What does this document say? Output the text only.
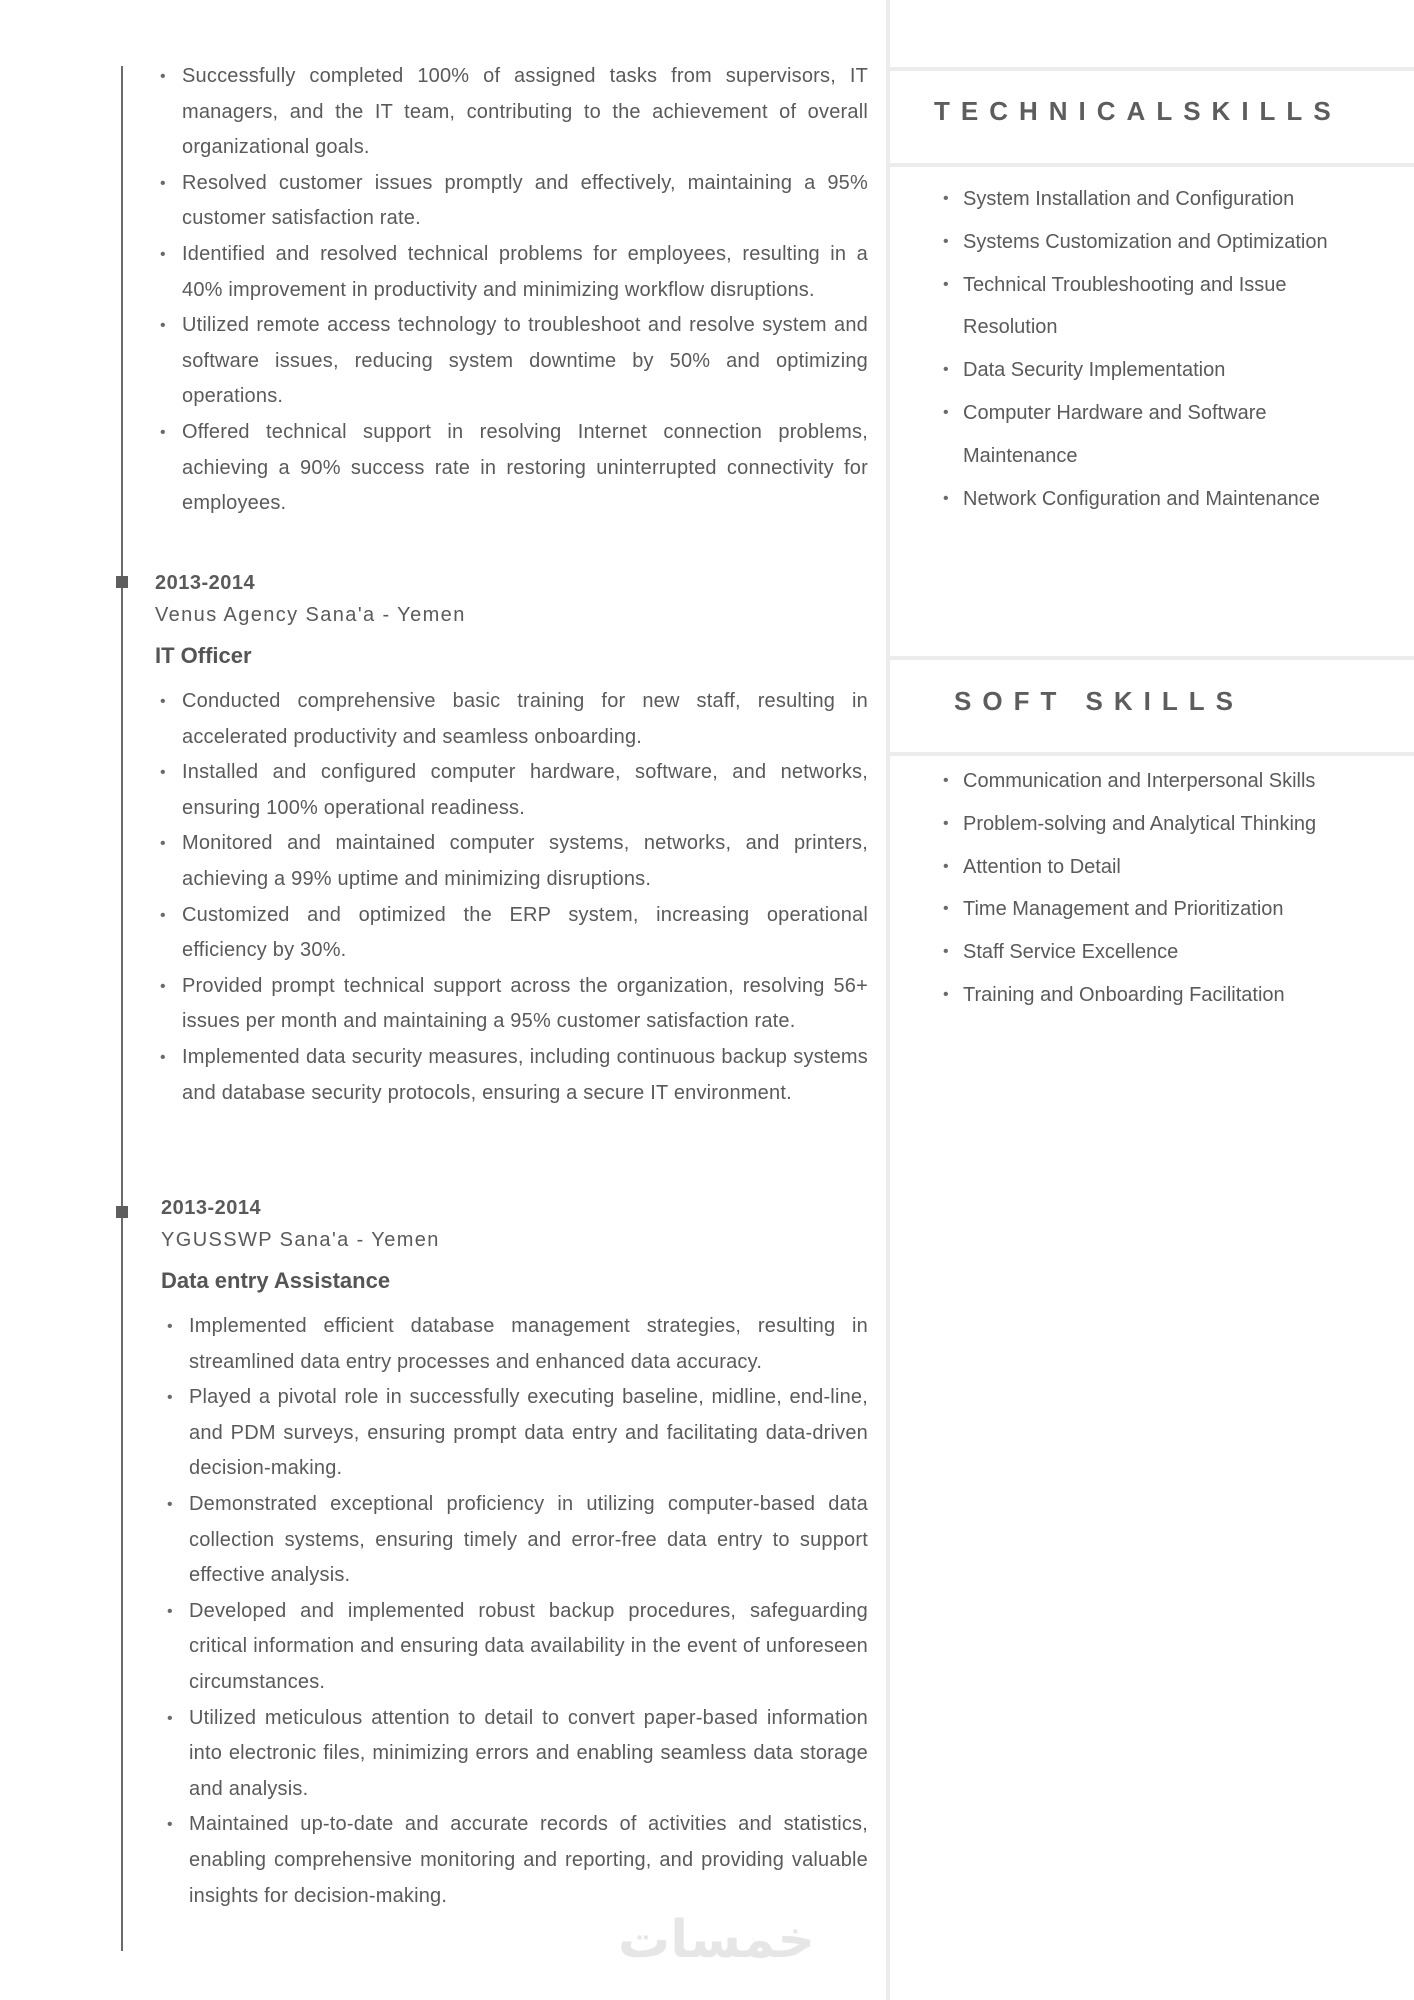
• Successfully completed 100% of assigned tasks from supervisors, IT managers, and the IT team, contributing to the achievement of overall organizational goals.
• Resolved customer issues promptly and effectively, maintaining a 95% customer satisfaction rate.
• Identified and resolved technical problems for employees, resulting in a 40% improvement in productivity and minimizing workflow disruptions.
• Utilized remote access technology to troubleshoot and resolve system and software issues, reducing system downtime by 50% and optimizing operations.
• Offered technical support in resolving Internet connection problems, achieving a 90% success rate in restoring uninterrupted connectivity for employees.
2013-2014
Venus Agency Sana'a - Yemen
IT Officer
• Conducted comprehensive basic training for new staff, resulting in accelerated productivity and seamless onboarding.
• Installed and configured computer hardware, software, and networks, ensuring 100% operational readiness.
• Monitored and maintained computer systems, networks, and printers, achieving a 99% uptime and minimizing disruptions.
• Customized and optimized the ERP system, increasing operational efficiency by 30%.
• Provided prompt technical support across the organization, resolving 56+ issues per month and maintaining a 95% customer satisfaction rate.
• Implemented data security measures, including continuous backup systems and database security protocols, ensuring a secure IT environment.
2013-2014
YGUSSWP Sana'a - Yemen
Data entry Assistance
• Implemented efficient database management strategies, resulting in streamlined data entry processes and enhanced data accuracy.
• Played a pivotal role in successfully executing baseline, midline, end-line, and PDM surveys, ensuring prompt data entry and facilitating data-driven decision-making.
• Demonstrated exceptional proficiency in utilizing computer-based data collection systems, ensuring timely and error-free data entry to support effective analysis.
• Developed and implemented robust backup procedures, safeguarding critical information and ensuring data availability in the event of unforeseen circumstances.
• Utilized meticulous attention to detail to convert paper-based information into electronic files, minimizing errors and enabling seamless data storage and analysis.
• Maintained up-to-date and accurate records of activities and statistics, enabling comprehensive monitoring and reporting, and providing valuable insights for decision-making.
خمسات
TECHNICALSKILLS
• System Installation and Configuration
• Systems Customization and Optimization
• Technical Troubleshooting and Issue Resolution
• Data Security Implementation
• Computer Hardware and Software Maintenance
• Network Configuration and Maintenance
SOFT SKILLS
• Communication and Interpersonal Skills
• Problem-solving and Analytical Thinking
• Attention to Detail
• Time Management and Prioritization
• Staff Service Excellence
• Training and Onboarding Facilitation
